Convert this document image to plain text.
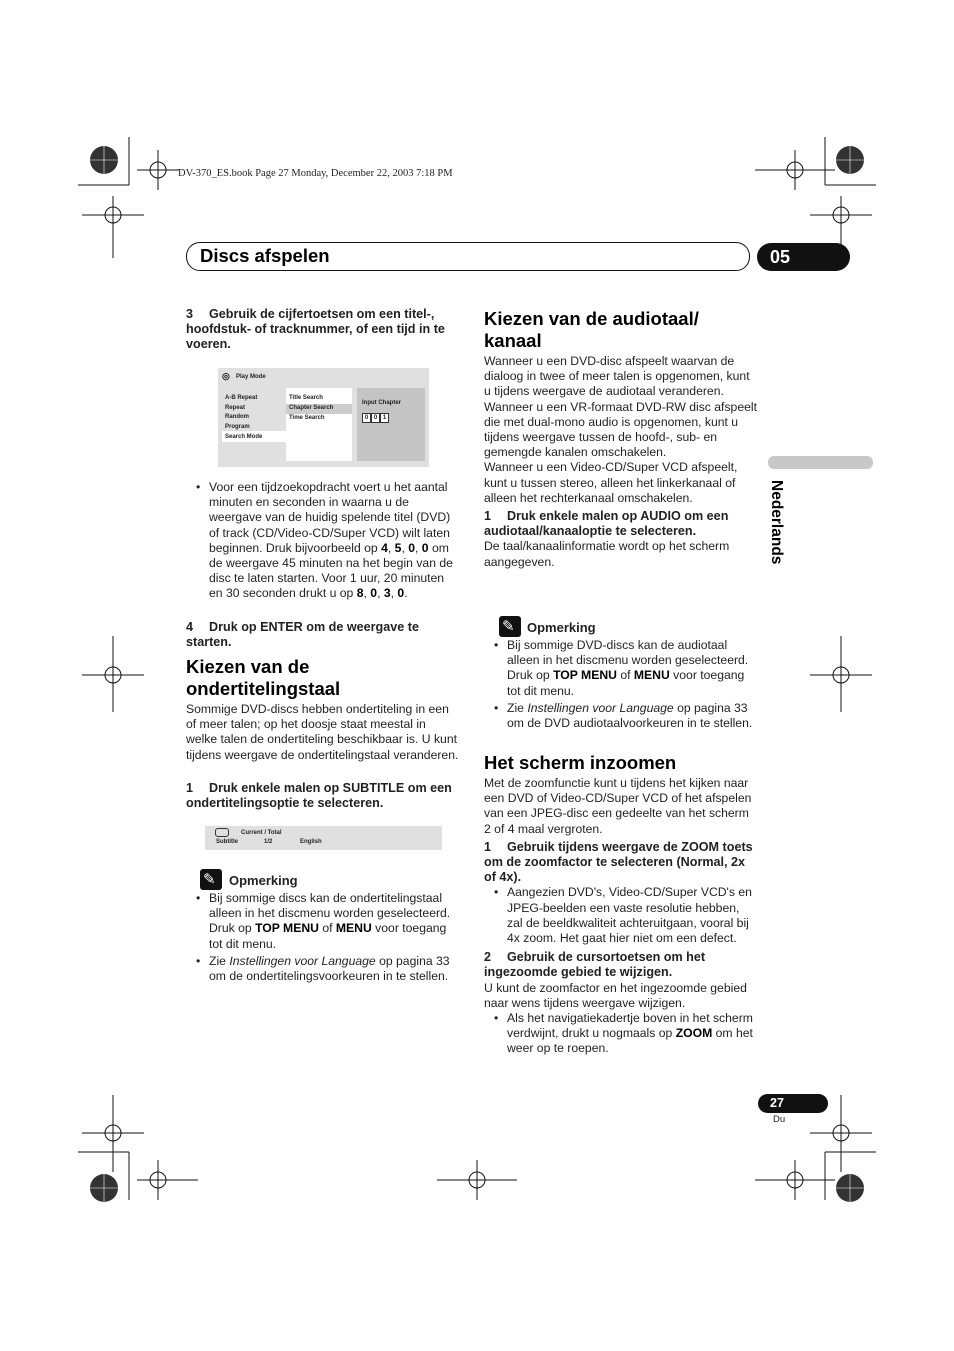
DV-370_ES.book Page 27 Monday, December 22, 2003 7:18 PM
Discs afspelen	05
Nederlands

3 Gebruik de cijfertoetsen om een titel-, hoofdstuk- of tracknummer, of een tijd in te voeren.

◎ Play Mode
A-B Repeat
Repeat
Random
Program
Search Mode
Title Search
Chapter Search
Time Search
Input Chapter
0 0 1
• Voor een tijdzoekopdracht voert u het aantal minuten en seconden in waarna u de weergave van de huidig spelende titel (DVD) of track (CD/Video-CD/Super VCD) wilt laten beginnen. Druk bijvoorbeeld op 4, 5, 0, 0 om de weergave 45 minuten na het begin van de disc te laten starten. Voor 1 uur, 20 minuten en 30 seconden drukt u op 8, 0, 3, 0.

4 Druk op ENTER om de weergave te starten.

Kiezen van de ondertitelingstaal

Sommige DVD-discs hebben ondertiteling in een of meer talen; op het doosje staat meestal in welke talen de ondertiteling beschikbaar is. U kunt tijdens weergave de ondertitelingstaal veranderen.

1 Druk enkele malen op SUBTITLE om een ondertitelingsoptie te selecteren.

Current / Total
Subtitle	1/2	English
✎ Opmerking
• Bij sommige discs kan de ondertitelingstaal alleen in het discmenu worden geselecteerd. Druk op TOP MENU of MENU voor toegang tot dit menu.
• Zie Instellingen voor Language op pagina 33 om de ondertitelingsvoorkeuren in te stellen.
Kiezen van de audiotaal/ kanaal

Wanneer u een DVD-disc afspeelt waarvan de dialoog in twee of meer talen is opgenomen, kunt u tijdens weergave de audiotaal veranderen.

Wanneer u een VR-formaat DVD-RW disc afspeelt die met dual-mono audio is opgenomen, kunt u tijdens weergave tussen de hoofd-, sub- en gemengde kanalen omschakelen.

Wanneer u een Video-CD/Super VCD afspeelt, kunt u tussen stereo, alleen het linkerkanaal of alleen het rechterkanaal omschakelen.

1 Druk enkele malen op AUDIO om een audiotaal/kanaaloptie te selecteren.

De taal/kanaalinformatie wordt op het scherm aangegeven.

✎ Opmerking
• Bij sommige DVD-discs kan de audiotaal alleen in het discmenu worden geselecteerd. Druk op TOP MENU of MENU voor toegang tot dit menu.
• Zie Instellingen voor Language op pagina 33 om de DVD audiotaalvoorkeuren in te stellen.
Het scherm inzoomen

Met de zoomfunctie kunt u tijdens het kijken naar een DVD of Video-CD/Super VCD of het afspelen van een JPEG-disc een gedeelte van het scherm 2 of 4 maal vergroten.

1 Gebruik tijdens weergave de ZOOM toets om de zoomfactor te selecteren (Normal, 2x of 4x).

• Aangezien DVD's, Video-CD/Super VCD's en JPEG-beelden een vaste resolutie hebben, zal de beeldkwaliteit achteruitgaan, vooral bij 4x zoom. Het gaat hier niet om een defect.

2 Gebruik de cursortoetsen om het ingezoomde gebied te wijzigen.

U kunt de zoomfactor en het ingezoomde gebied naar wens tijdens weergave wijzigen.

• Als het navigatiekadertje boven in het scherm verdwijnt, drukt u nogmaals op ZOOM om het weer op te roepen.
27
Du
